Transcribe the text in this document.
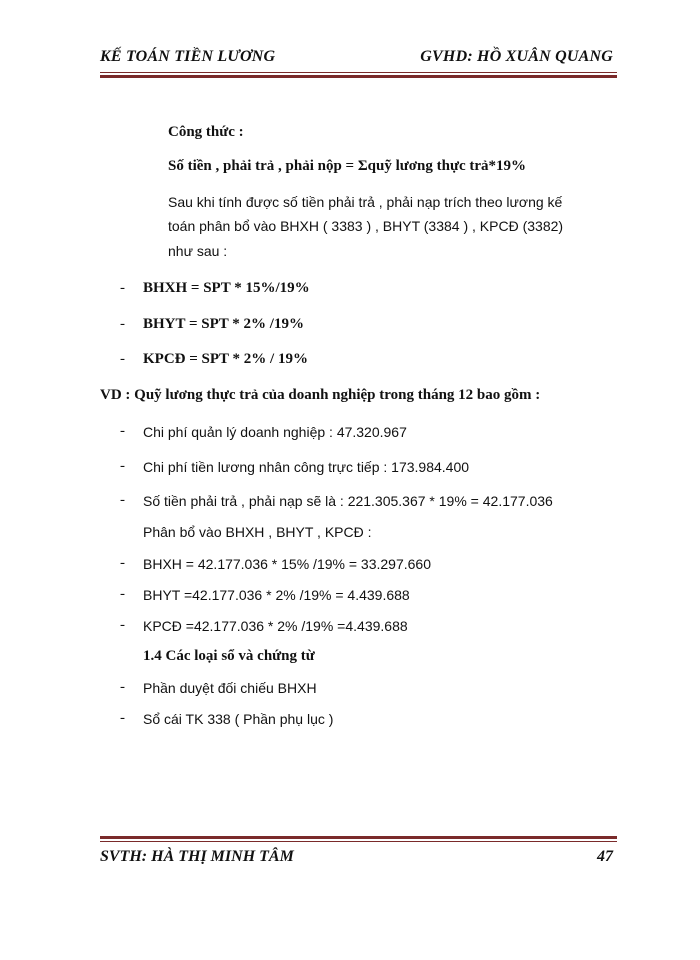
KẾ TOÁN TIỀN LƯƠNG	GVHD: HỒ XUÂN QUANG
Công thức :
Số tiền , phải trả , phải nộp = Σquỹ lương thực trả*19%
Sau khi tính được số tiền phải trả , phải nạp trích theo lương kế
toán phân bổ vào BHXH ( 3383 ) , BHYT (3384 ) , KPCĐ (3382)
như sau :
- BHXH = SPT * 15%/19%
- BHYT = SPT * 2% /19%
- KPCĐ = SPT * 2% / 19%
VD : Quỹ lương thực trả của doanh nghiệp trong tháng 12 bao gồm :
- Chi phí quản lý doanh nghiệp : 47.320.967
- Chi phí tiền lương nhân công trực tiếp : 173.984.400
- Số tiền phải trả , phải nạp sẽ là : 221.305.367 * 19% = 42.177.036
Phân bổ vào BHXH , BHYT , KPCĐ :
- BHXH = 42.177.036 * 15% /19% = 33.297.660
- BHYT =42.177.036 * 2% /19% = 4.439.688
- KPCĐ =42.177.036 * 2% /19% =4.439.688
1.4 Các loại sổ và chứng từ
- Phần duyệt đối chiếu BHXH
- Sổ cái TK 338 ( Phần phụ lục )
SVTH: HÀ THỊ MINH TÂM	47
